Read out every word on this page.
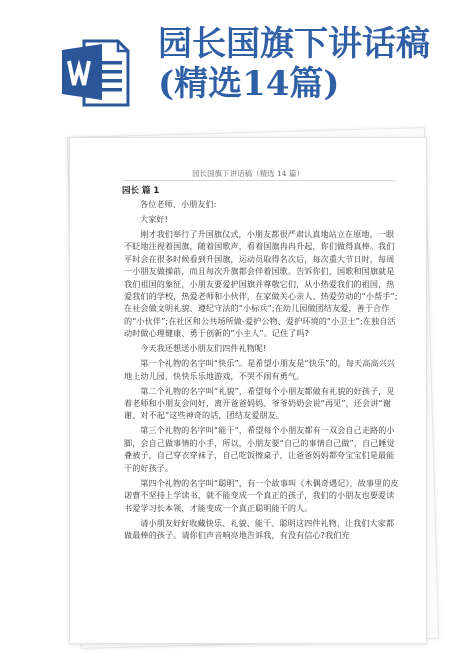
园长国旗下讲话稿
(精选14篇)
园长国旗下讲话稿（精选 14 篇）
园长 篇 1

各位老师、小朋友们:

大家好!

刚才我们举行了升国旗仪式，小朋友都很严肃认真地站立在原地，一眼不眨地注视着国旗，随着国歌声，看着国旗冉冉升起，你们做得真棒。我们平时会在很多时候看到升国旗，运动员取得名次后，每次重大节日时，每周一小朋友做操前，而且每次升旗都会伴着国歌。告诉你们，国歌和国旗就是我们祖国的象征，小朋友要爱护国旗并尊敬它们，从小热爱我们的祖国，热爱我们的学校，热爱老师和小伙伴，在家做关心亲人、热爱劳动的“小帮手”;在社会做文明礼貌、遵纪守法的“小标兵”;在幼儿园做团结友爱，善于合作的“小伙伴”;在社区和公共场所做-爱护公物、爱护环境的“小卫士”;在独自活动时做心理健康、勇于创新的“小主人”。记住了吗?

今天我还想送小朋友们四件礼物呢!

第一个礼物的名字叫“快乐”。是希望小朋友是“快乐”的，每天高高兴兴地上幼儿园，快快乐乐地游戏，不哭不闹有勇气。

第二个礼物的名字叫“礼貌”，希望每个小朋友都做有礼貌的好孩子，见着老师和小朋友会问好，离开爸爸妈妈、爷爷奶奶会说“再见”，还会讲“谢谢、对不起”这些神奇的话，团结友爱朋友。

第三个礼物的名字叫“能干”，希望每个小朋友都有一双会自己走路的小脚，会自己做事情的小手，所以，小朋友要“自己的事情自己做”，自己睡觉叠被子，自己穿衣穿袜子，自己吃饭擦桌子，让爸爸妈妈都夸宝宝们是最能干的好孩子。

第四个礼物的名字叫“聪明”，有一个故事叫《木偶奇遇记》，故事里的皮诺曹不坚持上学读书，就不能变成一个真正的孩子，我们的小朋友也要爱读书爱学习长本领，才能变成一个真正聪明能干的人。

请小朋友好好收藏快乐、礼貌、能干、聪明这四件礼物，让我们大家都做最棒的孩子。请你们声音响亮地告诉我，有没有信心?我们充
